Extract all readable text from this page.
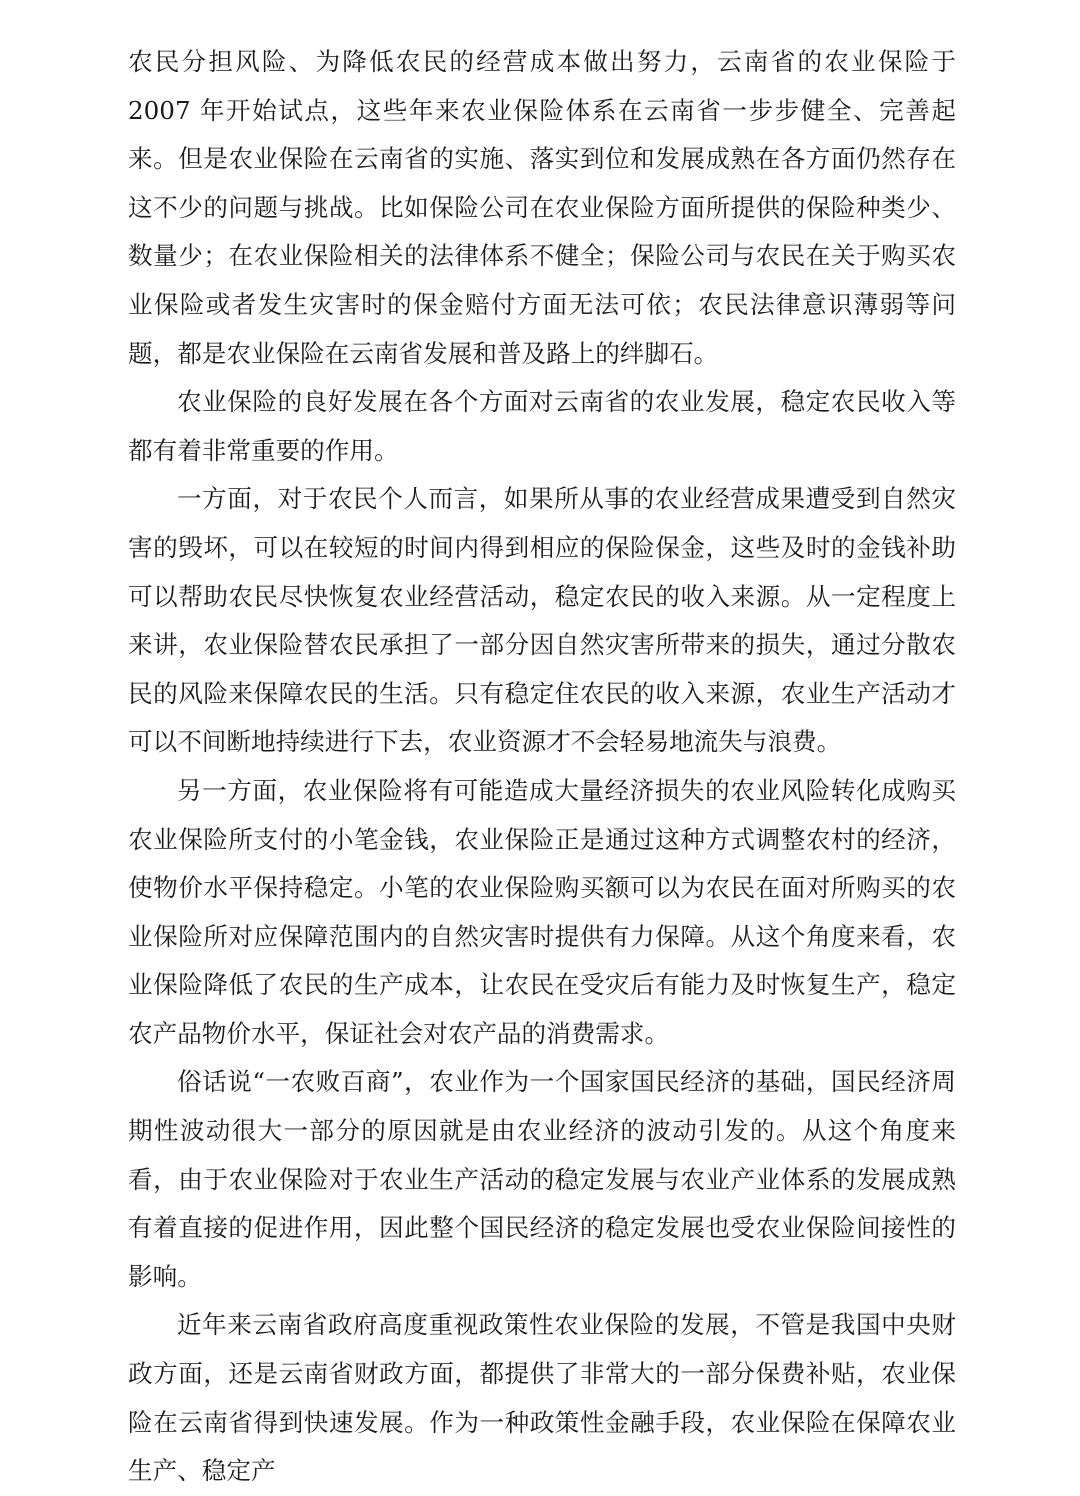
农民分担风险、为降低农民的经营成本做出努力，云南省的农业保险于 2007 年开始试点，这些年来农业保险体系在云南省一步步健全、完善起来。但是农业保险在云南省的实施、落实到位和发展成熟在各方面仍然存在这不少的问题与挑战。比如保险公司在农业保险方面所提供的保险种类少、数量少；在农业保险相关的法律体系不健全；保险公司与农民在关于购买农业保险或者发生灾害时的保金赔付方面无法可依；农民法律意识薄弱等问题，都是农业保险在云南省发展和普及路上的绊脚石。

农业保险的良好发展在各个方面对云南省的农业发展，稳定农民收入等都有着非常重要的作用。

一方面，对于农民个人而言，如果所从事的农业经营成果遭受到自然灾害的毁坏，可以在较短的时间内得到相应的保险保金，这些及时的金钱补助可以帮助农民尽快恢复农业经营活动，稳定农民的收入来源。从一定程度上来讲，农业保险替农民承担了一部分因自然灾害所带来的损失，通过分散农民的风险来保障农民的生活。只有稳定住农民的收入来源，农业生产活动才可以不间断地持续进行下去，农业资源才不会轻易地流失与浪费。

另一方面，农业保险将有可能造成大量经济损失的农业风险转化成购买农业保险所支付的小笔金钱，农业保险正是通过这种方式调整农村的经济，使物价水平保持稳定。小笔的农业保险购买额可以为农民在面对所购买的农业保险所对应保障范围内的自然灾害时提供有力保障。从这个角度来看，农业保险降低了农民的生产成本，让农民在受灾后有能力及时恢复生产，稳定农产品物价水平，保证社会对农产品的消费需求。

俗话说“一农败百商”，农业作为一个国家国民经济的基础，国民经济周期性波动很大一部分的原因就是由农业经济的波动引发的。从这个角度来看，由于农业保险对于农业生产活动的稳定发展与农业产业体系的发展成熟有着直接的促进作用，因此整个国民经济的稳定发展也受农业保险间接性的影响。

近年来云南省政府高度重视政策性农业保险的发展，不管是我国中央财政方面，还是云南省财政方面，都提供了非常大的一部分保费补贴，农业保险在云南省得到快速发展。作为一种政策性金融手段，农业保险在保障农业生产、稳定产
